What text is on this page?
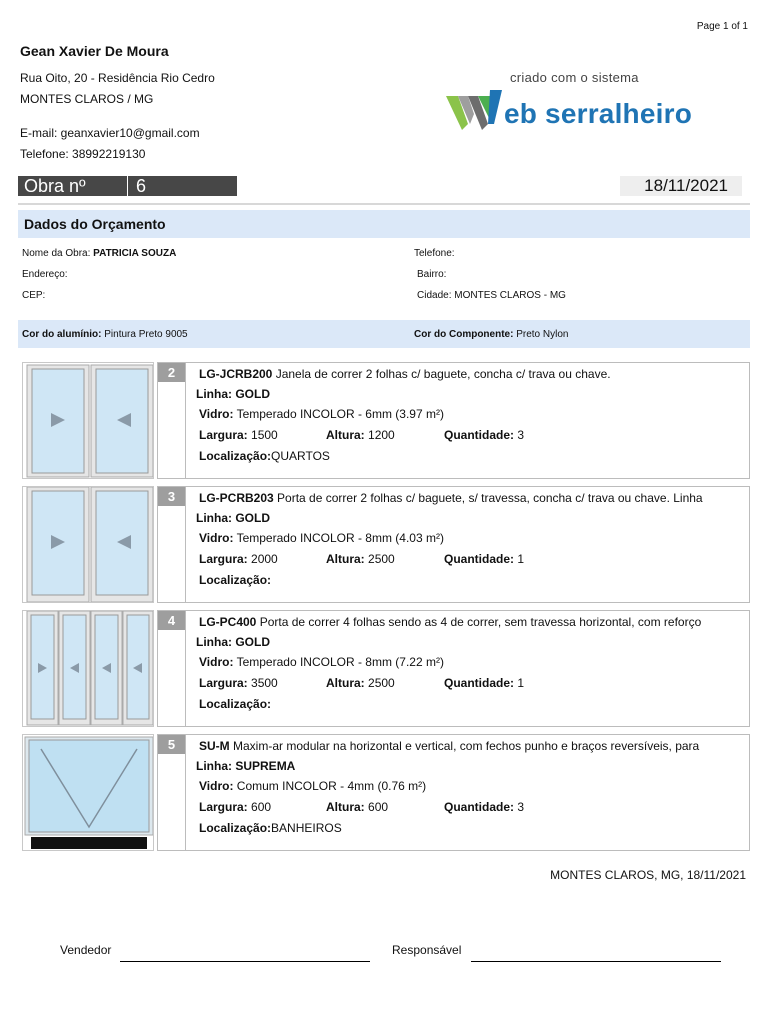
Page 1 of 1
Gean Xavier De Moura
Rua Oito, 20 - Residência Rio Cedro
MONTES CLAROS / MG
E-mail: geanxavier10@gmail.com
Telefone: 38992219130
criado com o sistema
eb serralheiro
Obra nº	6	18/11/2021
Dados do Orçamento
Nome da Obra: PATRICIA SOUZA	Telefone:
Endereço:	Bairro:
CEP:	Cidade: MONTES CLAROS - MG
Cor do alumínio: Pintura Preto 9005	Cor do Componente: Preto Nylon
2	LG-JCRB200 Janela de correr 2 folhas c/ baguete, concha c/ trava ou chave.
Linha: GOLD
Vidro: Temperado INCOLOR - 6mm (3.97 m²)
Largura: 1500	Altura: 1200	Quantidade: 3
Localização:QUARTOS
3	LG-PCRB203 Porta de correr 2 folhas c/ baguete, s/ travessa, concha c/ trava ou chave. Linha
Linha: GOLD
Vidro: Temperado INCOLOR - 8mm (4.03 m²)
Largura: 2000	Altura: 2500	Quantidade: 1
Localização:
4	LG-PC400 Porta de correr 4 folhas sendo as 4 de correr, sem travessa horizontal, com reforço
Linha: GOLD
Vidro: Temperado INCOLOR - 8mm (7.22 m²)
Largura: 3500	Altura: 2500	Quantidade: 1
Localização:
5	SU-M Maxim-ar modular na horizontal e vertical, com fechos punho e braços reversíveis, para
Linha: SUPREMA
Vidro: Comum INCOLOR - 4mm (0.76 m²)
Largura: 600	Altura: 600	Quantidade: 3
Localização:BANHEIROS
MONTES CLAROS, MG, 18/11/2021
Vendedor	Responsável
